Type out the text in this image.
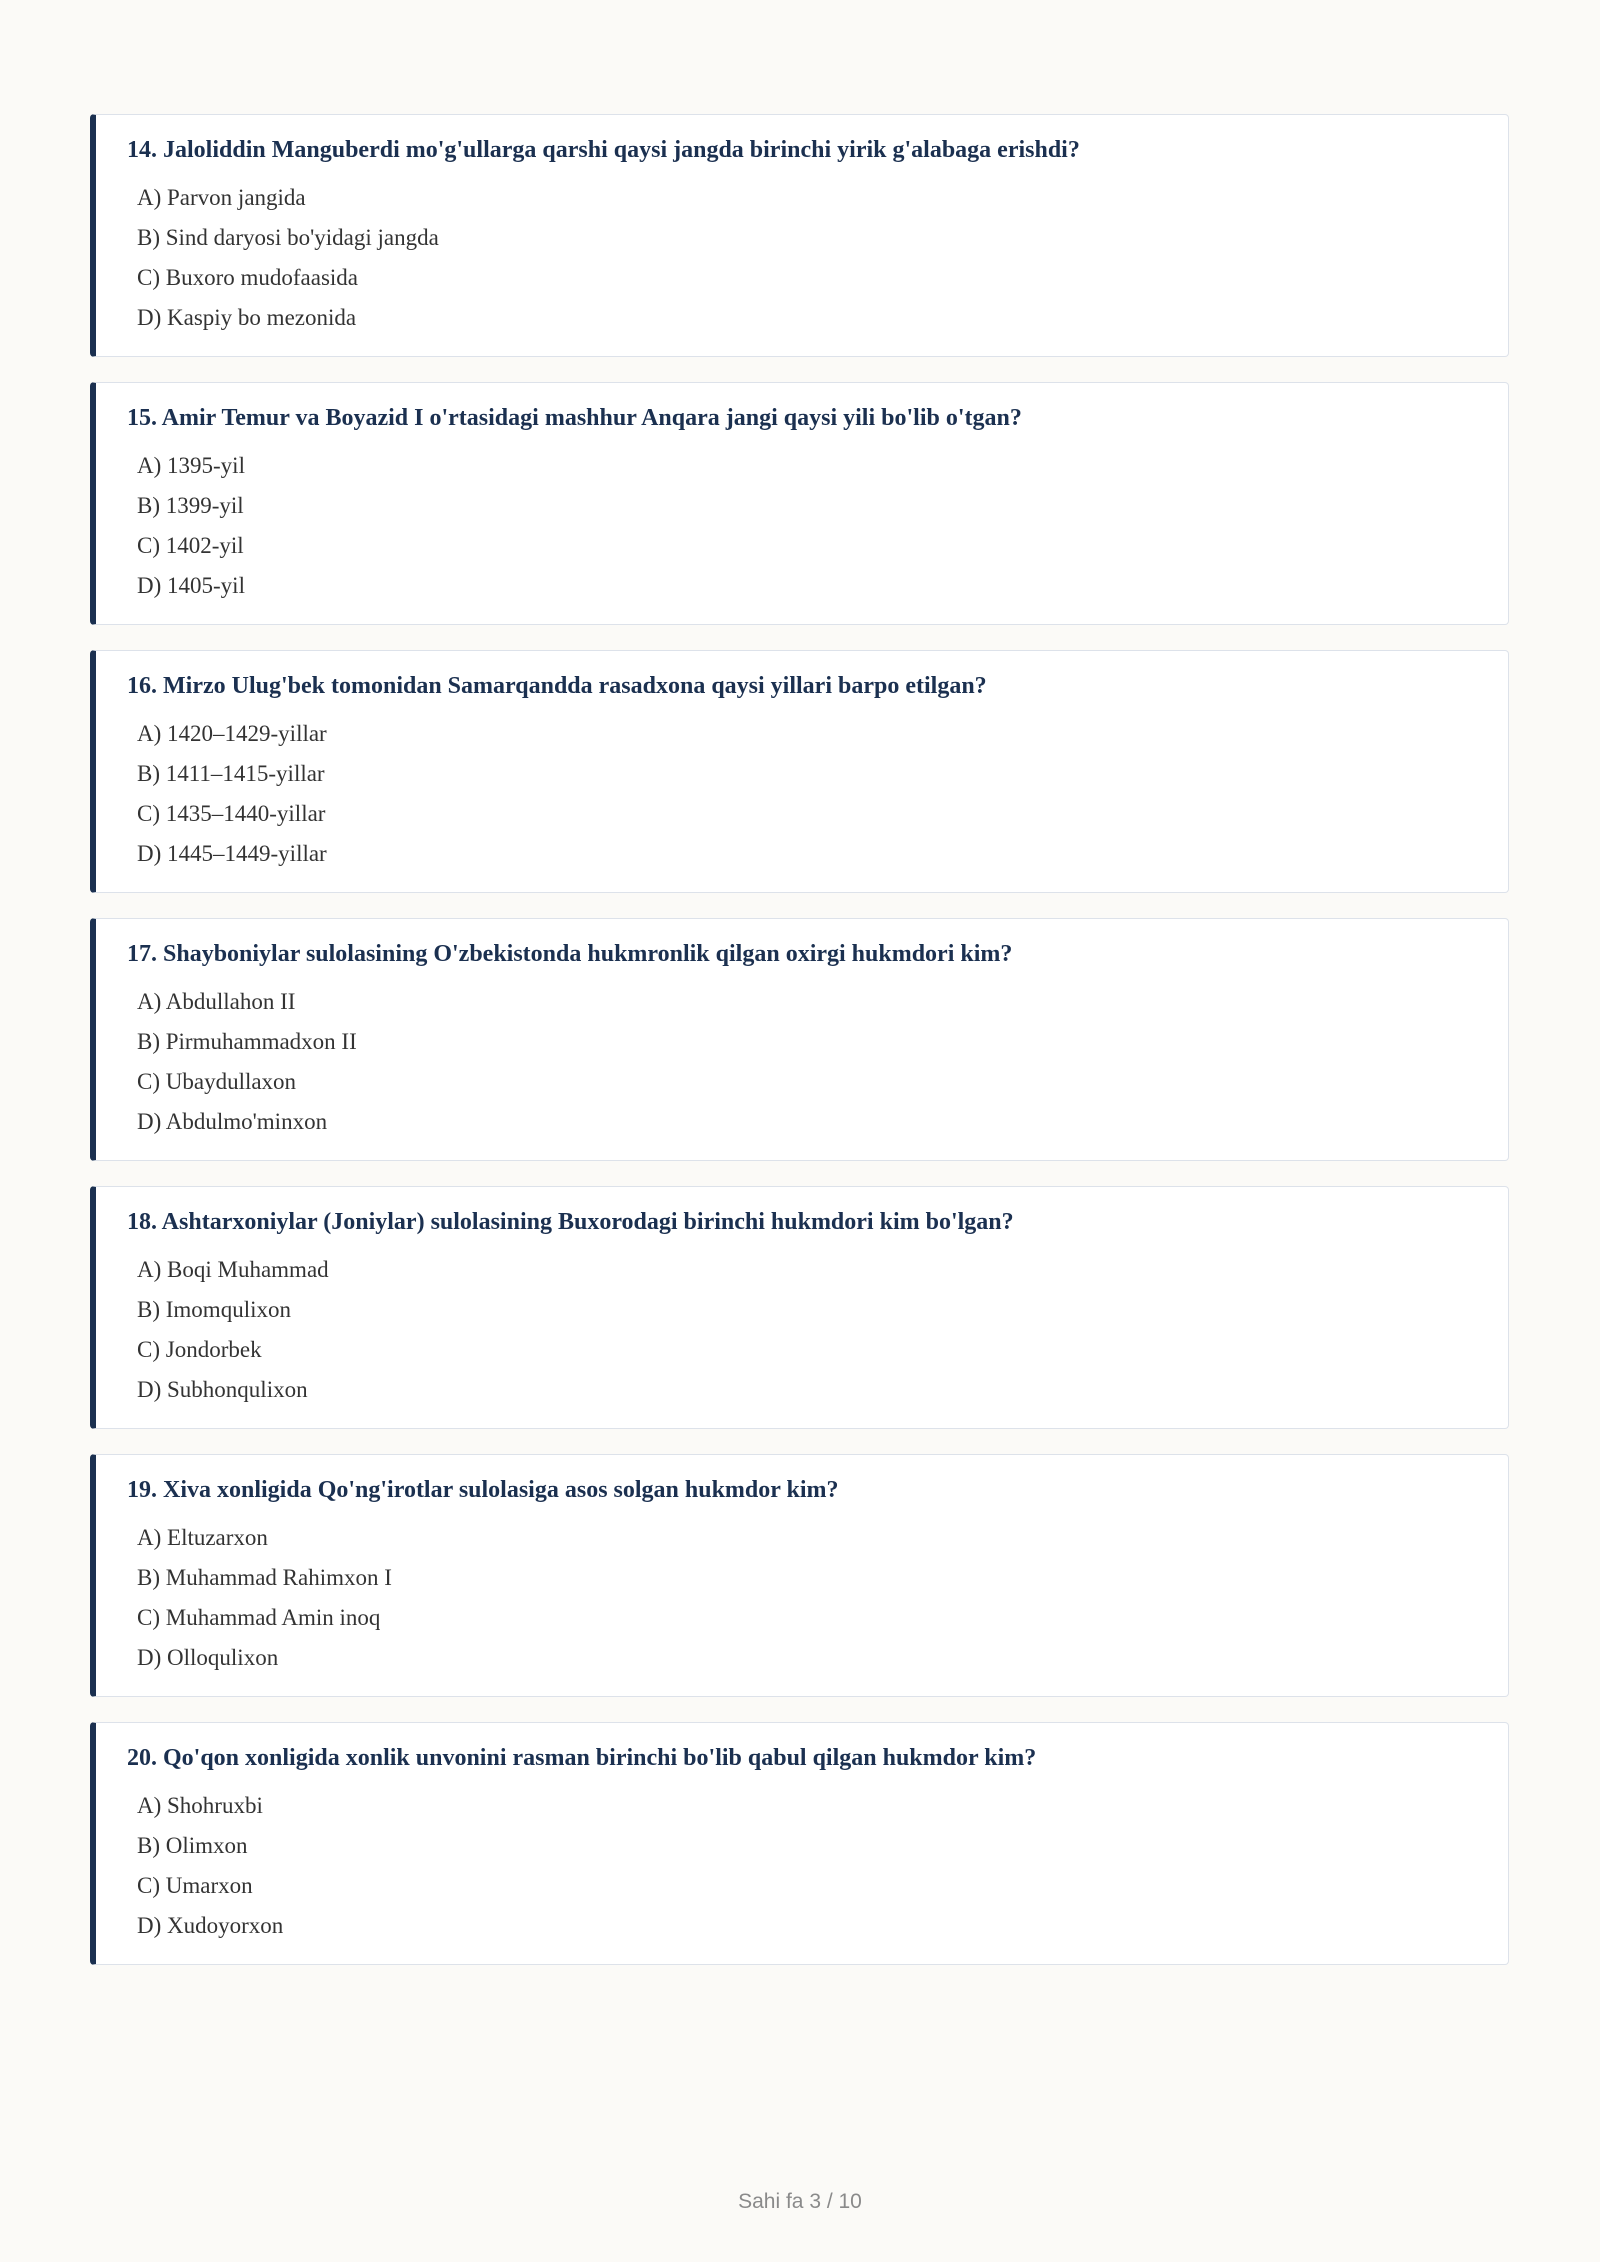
14. Jaloliddin Manguberdi mo'g'ullarga qarshi qaysi jangda birinchi yirik g'alabaga erishdi?

A) Parvon jangida
B) Sind daryosi bo'yidagi jangda
C) Buxoro mudofaasida
D) Kaspiy bo mezonida

15. Amir Temur va Boyazid I o'rtasidagi mashhur Anqara jangi qaysi yili bo'lib o'tgan?

A) 1395-yil
B) 1399-yil
C) 1402-yil
D) 1405-yil

16. Mirzo Ulug'bek tomonidan Samarqandda rasadxona qaysi yillari barpo etilgan?

A) 1420–1429-yillar
B) 1411–1415-yillar
C) 1435–1440-yillar
D) 1445–1449-yillar

17. Shayboniylar sulolasining O'zbekistonda hukmronlik qilgan oxirgi hukmdori kim?

A) Abdullahon II
B) Pirmuhammadxon II
C) Ubaydullaxon
D) Abdulmo'minxon

18. Ashtarxoniylar (Joniylar) sulolasining Buxorodagi birinchi hukmdori kim bo'lgan?

A) Boqi Muhammad
B) Imomqulixon
C) Jondorbek
D) Subhonqulixon

19. Xiva xonligida Qo'ng'irotlar sulolasiga asos solgan hukmdor kim?

A) Eltuzarxon
B) Muhammad Rahimxon I
C) Muhammad Amin inoq
D) Olloqulixon

20. Qo'qon xonligida xonlik unvonini rasman birinchi bo'lib qabul qilgan hukmdor kim?

A) Shohruxbi
B) Olimxon
C) Umarxon
D) Xudoyorxon
Sahi fa 3 / 10
